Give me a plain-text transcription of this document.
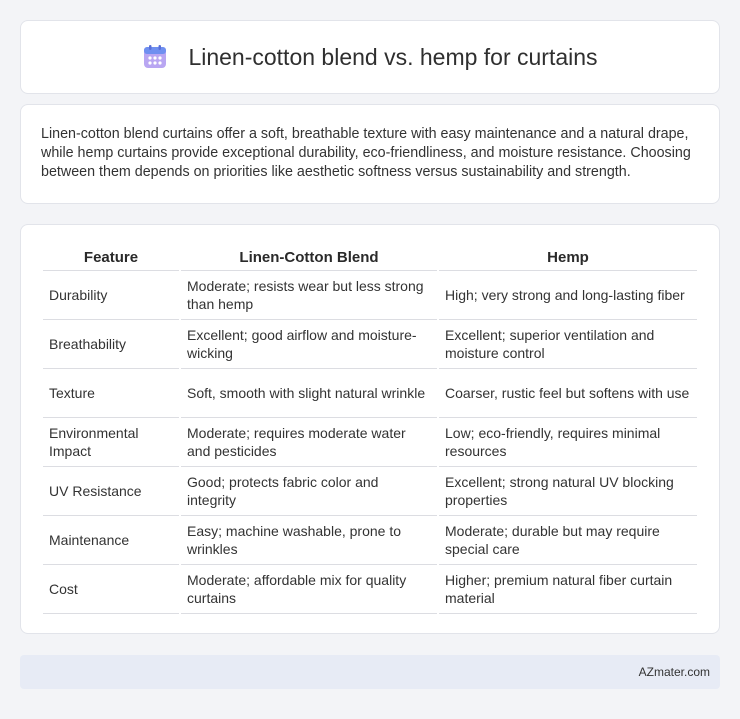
Linen-cotton blend vs. hemp for curtains

Linen-cotton blend curtains offer a soft, breathable texture with easy maintenance and a natural drape, while hemp curtains provide exceptional durability, eco-friendliness, and moisture resistance. Choosing between them depends on priorities like aesthetic softness versus sustainability and strength.

Feature	Linen-Cotton Blend	Hemp
Durability	Moderate; resists wear but less strong than hemp	High; very strong and long-lasting fiber
Breathability	Excellent; good airflow and moisture-wicking	Excellent; superior ventilation and moisture control
Texture	Soft, smooth with slight natural wrinkle	Coarser, rustic feel but softens with use
Environmental Impact	Moderate; requires moderate water and pesticides	Low; eco-friendly, requires minimal resources
UV Resistance	Good; protects fabric color and integrity	Excellent; strong natural UV blocking properties
Maintenance	Easy; machine washable, prone to wrinkles	Moderate; durable but may require special care
Cost	Moderate; affordable mix for quality curtains	Higher; premium natural fiber curtain material
AZmater.com
